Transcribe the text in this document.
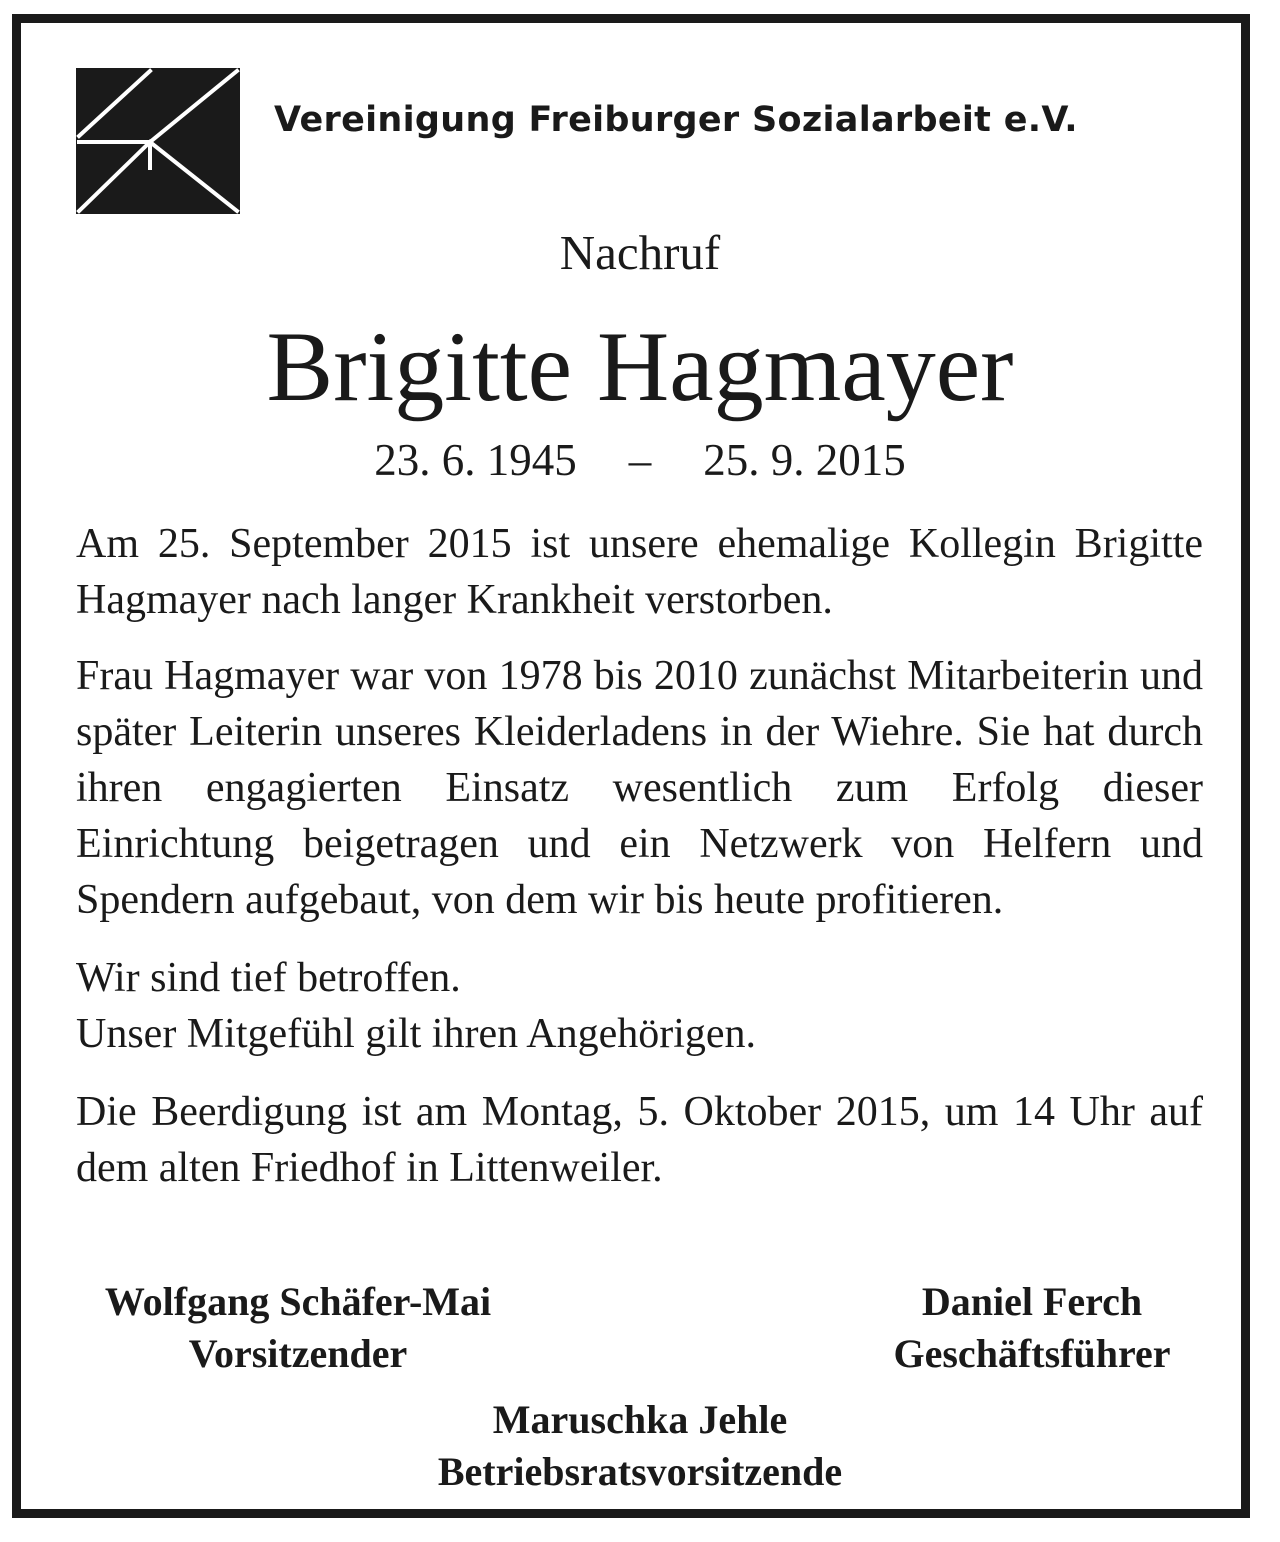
Vereinigung Freiburger Sozialarbeit e.V.
Nachruf
Brigitte Hagmayer
23. 6. 1945 – 25. 9. 2015

Am 25. September 2015 ist unsere ehemalige Kollegin Brigitte Hagmayer nach langer Krankheit verstorben.

Frau Hagmayer war von 1978 bis 2010 zunächst Mitarbeiterin und später Leiterin unseres Kleiderladens in der Wiehre. Sie hat durch ihren engagierten Einsatz wesentlich zum Erfolg dieser Einrichtung beigetragen und ein Netzwerk von Helfern und Spendern aufgebaut, von dem wir bis heute profitieren.

Wir sind tief betroffen.
Unser Mitgefühl gilt ihren Angehörigen.

Die Beerdigung ist am Montag, 5. Oktober 2015, um 14 Uhr auf dem alten Friedhof in Littenweiler.

Wolfgang Schäfer-Mai
Vorsitzender
Daniel Ferch
Geschäftsführer
Maruschka Jehle
Betriebsratsvorsitzende
